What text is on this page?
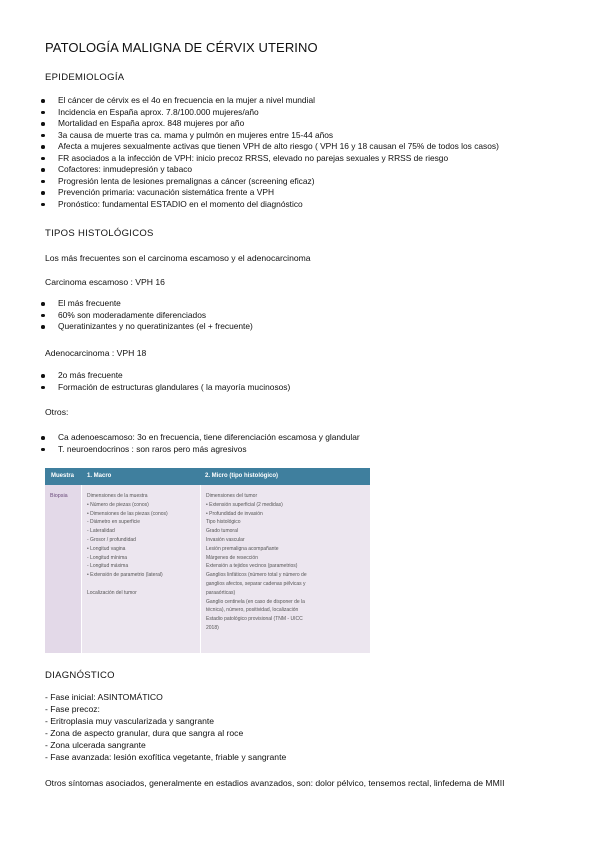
PATOLOGÍA MALIGNA DE CÉRVIX UTERINO
EPIDEMIOLOGÍA
El cáncer de cérvix es el 4o en frecuencia en la mujer a nivel mundial
Incidencia en España aprox. 7.8/100.000 mujeres/año
Mortalidad en España aprox. 848 mujeres por año
3a causa de muerte tras ca. mama y pulmón en mujeres entre 15-44 años
Afecta a mujeres sexualmente activas que tienen VPH de alto riesgo ( VPH 16 y 18 causan el 75% de todos los casos)
FR asociados a la infección de VPH: inicio precoz RRSS, elevado no parejas sexuales y RRSS de riesgo
Cofactores: inmudepresión y tabaco
Progresión lenta de lesiones premalignas a cáncer (screening eficaz)
Prevención primaria: vacunación sistemática frente a VPH
Pronóstico: fundamental ESTADIO en el momento del diagnóstico
TIPOS HISTOLÓGICOS
Los más frecuentes son el carcinoma escamoso y el adenocarcinoma
Carcinoma escamoso : VPH 16
El más frecuente
60% son moderadamente diferenciados
Queratinizantes y no queratinizantes (el + frecuente)
Adenocarcinoma : VPH 18
2o más frecuente
Formación de estructuras glandulares ( la mayoría mucinosos)
Otros:
Ca adenoescamoso: 3o en frecuencia, tiene diferenciación escamosa y glandular
T. neuroendocrinos : son raros pero más agresivos
Muestra 1. Macro	2. Micro (tipo histológico)
Biopsia	Dimensiones de la muestra
• Número de piezas (conos)
• Dimensiones de las piezas (conos)
- Diámetro en superficie
- Lateralidad
- Grosor / profundidad
• Longitud vagina
- Longitud mínima
- Longitud máxima
• Extensión de parametrio (lateral)

Localización del tumor
Dimensiones del tumor
• Extensión superficial (2 medidas)
• Profundidad de invasión
Tipo histológico
Grado tumoral
Invasión vascular
Lesión premaligna acompañante
Márgenes de resección
Extensión a tejidos vecinos (parametrios)
Ganglios linfáticos (número total y número de
ganglios afectos, separar cadenas pélvicas y
paraaórticas)
Ganglio centinela (en caso de disponer de la
técnica), número, positividad, localización
Estadio patológico provisional (TNM - UICC
2018)
DIAGNÓSTICO
- Fase inicial: ASINTOMÁTICO
- Fase precoz:
- Eritroplasia muy vascularizada y sangrante
- Zona de aspecto granular, dura que sangra al roce
- Zona ulcerada sangrante
- Fase avanzada: lesión exofítica vegetante, friable y sangrante
Otros síntomas asociados, generalmente en estadios avanzados, son: dolor pélvico, tensemos rectal, linfedema de MMII
